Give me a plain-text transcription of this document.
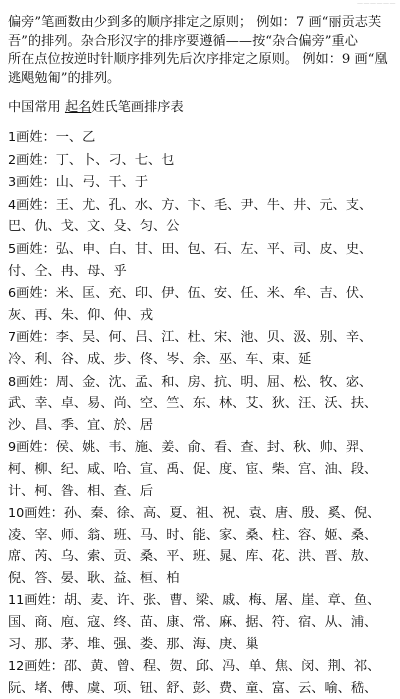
——————

偏旁”笔画数由少到多的顺序排定之原则； 例如：7 画“丽贡志芙

吾”的排列。杂合形汉字的排序要遵循——按“杂合偏旁”重心

所在点位按逆时针顺序排列先后次序排定之原则。 例如：9 画“凰

逃飓勉匍”的排列。

中国常用 起名姓氏笔画排序表

1画姓：一、乙

2画姓：丁、卜、刁、七、乜

3画姓：山、弓、干、于

4画姓：王、尤、孔、水、方、卞、毛、尹、牛、井、元、支、巴、仇、戈、文、殳、匀、公

5画姓：弘、申、白、甘、田、包、石、左、平、司、皮、史、付、仝、冉、母、乎

6画姓：米、匡、充、印、伊、伍、安、任、米、牟、吉、伏、灰、再、朱、仰、仲、戎

7画姓：李、吴、何、吕、江、杜、宋、池、贝、汲、别、辛、冷、利、谷、成、步、佟、岑、余、巫、车、束、延

8画姓：周、金、沈、孟、和、房、抗、明、屈、松、牧、宓、武、幸、卓、易、尚、空、竺、东、林、艾、狄、汪、沃、扶、沙、昌、季、宜、於、居

9画姓：侯、姚、韦、施、姜、俞、看、查、封、秋、帅、羿、柯、柳、纪、咸、哈、宣、禹、促、度、宦、柴、宫、油、段、计、柯、昝、相、查、后

10画姓：孙、秦、徐、高、夏、祖、祝、袁、唐、殷、奚、倪、凌、宰、师、翁、班、马、时、能、家、桑、柱、容、姬、桑、席、芮、乌、索、贡、桑、平、班、晁、库、花、洪、晋、敖、倪、答、晏、耿、益、桓、柏

11画姓：胡、麦、许、张、曹、梁、戚、梅、屠、崖、章、鱼、国、商、庖、寇、终、苗、康、常、麻、据、符、宿、从、浦、习、那、茅、堆、强、娄、那、海、庚、巢

12画姓：邵、黄、曾、程、贺、邱、冯、单、焦、闵、荆、祁、阮、堵、傅、虞、项、钮、舒、彭、费、童、富、云、喻、嵇、
